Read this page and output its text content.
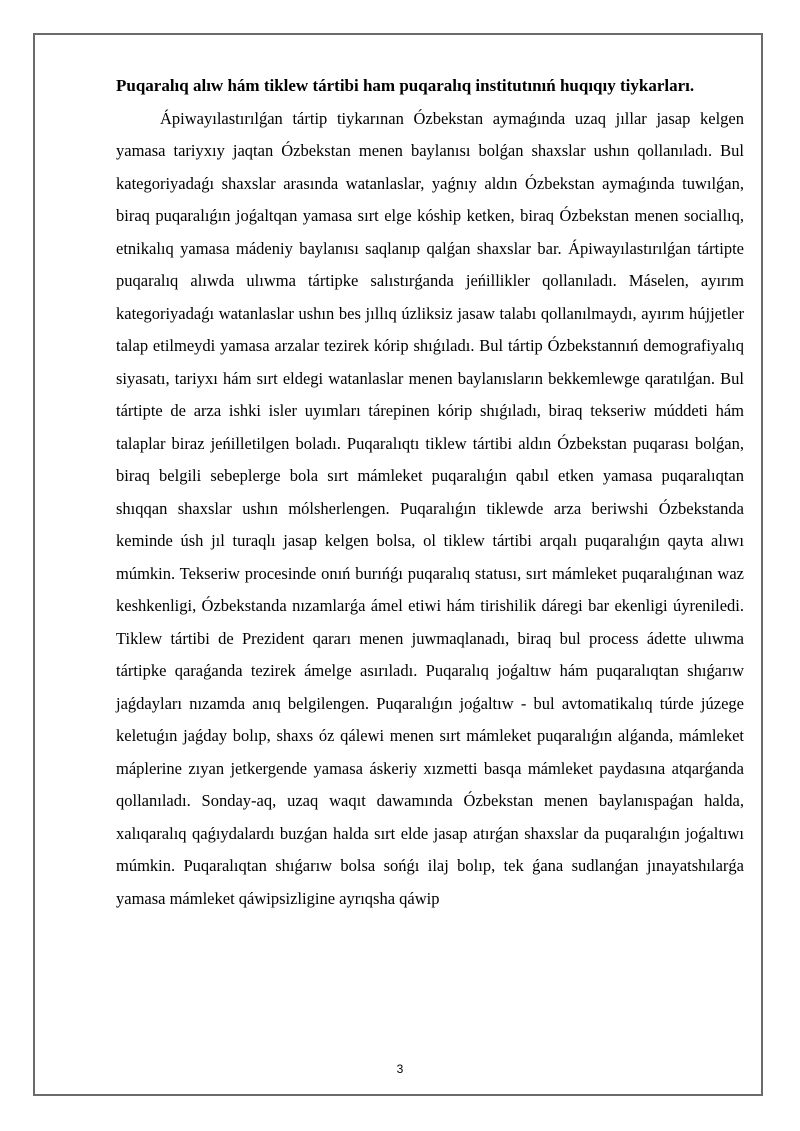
Puqaralıq alıw hám tiklew tártibi ham puqaralıq institutınıń huqıqıy tiykarları.

Ápiwayılastırılǵan tártip tiykarınan Ózbekstan aymaǵında uzaq jıllar jasap kelgen yamasa tariyxıy jaqtan Ózbekstan menen baylanısı bolǵan shaxslar ushın qollanıladı. Bul kategoriyadaǵı shaxslar arasında watanlaslar, yaǵnıy aldın Ózbekstan aymaǵında tuwılǵan, biraq puqaralıǵın joǵaltqan yamasa sırt elge kóship ketken, biraq Ózbekstan menen sociallıq, etnikalıq yamasa mádeniy baylanısı saqlanıp qalǵan shaxslar bar. Ápiwayılastırılǵan tártipte puqaralıq alıwda ulıwma tártipke salıstırǵanda jeńillikler qollanıladı. Máselen, ayırım kategoriyadaǵı watanlaslar ushın bes jıllıq úzliksiz jasaw talabı qollanılmaydı, ayırım hújjetler talap etilmeydi yamasa arzalar tezirek kórip shıǵıladı. Bul tártip Ózbekstannıń demografiyalıq siyasatı, tariyxı hám sırt eldegi watanlaslar menen baylanısların bekkemlewge qaratılǵan. Bul tártipte de arza ishki isler uyımları tárepinen kórip shıǵıladı, biraq tekseriw múddeti hám talaplar biraz jeńilletilgen boladı. Puqaralıqtı tiklew tártibi aldın Ózbekstan puqarası bolǵan, biraq belgili sebeplerge bola sırt mámleket puqaralıǵın qabıl etken yamasa puqaralıqtan shıqqan shaxslar ushın mólsherlengen. Puqaralıǵın tiklewde arza beriwshi Ózbekstanda keminde úsh jıl turaqlı jasap kelgen bolsa, ol tiklew tártibi arqalı puqaralıǵın qayta alıwı múmkin. Tekseriw procesinde onıń burıńǵı puqaralıq statusı, sırt mámleket puqaralıǵınan waz keshkenligi, Ózbekstanda nızamlarǵa ámel etiwi hám tirishilik dáregi bar ekenligi úyreniledi. Tiklew tártibi de Prezident qararı menen juwmaqlanadı, biraq bul process ádette ulıwma tártipke qaraǵanda tezirek ámelge asırıladı. Puqaralıq joǵaltıw hám puqaralıqtan shıǵarıw jaǵdayları nızamda anıq belgilengen. Puqaralıǵın joǵaltıw - bul avtomatikalıq túrde júzege keletuǵın jaǵday bolıp, shaxs óz qálewi menen sırt mámleket puqaralıǵın alǵanda, mámleket máplerine zıyan jetkergende yamasa áskeriy xızmetti basqa mámleket paydasına atqarǵanda qollanıladı. Sonday-aq, uzaq waqıt dawamında Ózbekstan menen baylanıspaǵan halda, xalıqaralıq qaǵıydalardı buzǵan halda sırt elde jasap atırǵan shaxslar da puqaralıǵın joǵaltıwı múmkin. Puqaralıqtan shıǵarıw bolsa sońǵı ilaj bolıp, tek ǵana sudlanǵan jınayatshılarǵa yamasa mámleket qáwipsizligine ayrıqsha qáwip

3
